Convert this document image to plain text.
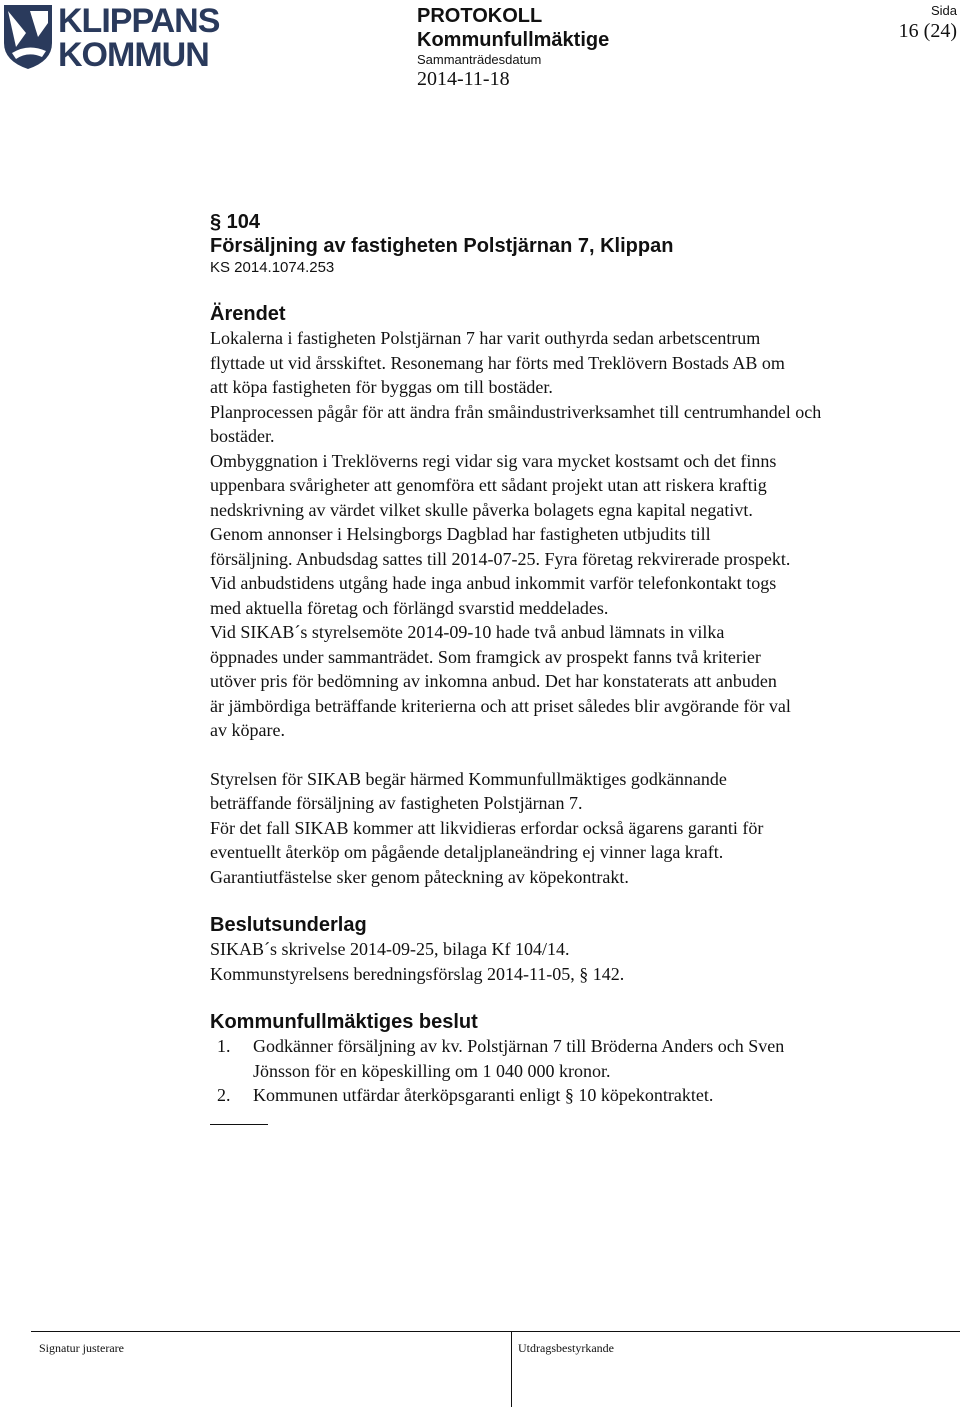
KLIPPANS
KOMMUN
PROTOKOLL
Kommunfullmäktige
Sammanträdesdatum
2014-11-18
Sida
16 (24)
§ 104
Försäljning av fastigheten Polstjärnan 7, Klippan
KS 2014.1074.253
Ärendet
Lokalerna i fastigheten Polstjärnan 7 har varit outhyrda sedan arbetscentrum
flyttade ut vid årsskiftet. Resonemang har förts med Treklövern Bostads AB om
att köpa fastigheten för byggas om till bostäder.
Planprocessen pågår för att ändra från småindustriverksamhet till centrumhandel och
bostäder.
Ombyggnation i Treklöverns regi vidar sig vara mycket kostsamt och det finns
uppenbara svårigheter att genomföra ett sådant projekt utan att riskera kraftig
nedskrivning av värdet vilket skulle påverka bolagets egna kapital negativt.
Genom annonser i Helsingborgs Dagblad har fastigheten utbjudits till
försäljning. Anbudsdag sattes till 2014-07-25. Fyra företag rekvirerade prospekt.
Vid anbudstidens utgång hade inga anbud inkommit varför telefonkontakt togs
med aktuella företag och förlängd svarstid meddelades.
Vid SIKAB´s styrelsemöte 2014-09-10 hade två anbud lämnats in vilka
öppnades under sammanträdet. Som framgick av prospekt fanns två kriterier
utöver pris för bedömning av inkomna anbud. Det har konstaterats att anbuden
är jämbördiga beträffande kriterierna och att priset således blir avgörande för val
av köpare.
Styrelsen för SIKAB begär härmed Kommunfullmäktiges godkännande
beträffande försäljning av fastigheten Polstjärnan 7.
För det fall SIKAB kommer att likvidieras erfordar också ägarens garanti för
eventuellt återköp om pågående detaljplaneändring ej vinner laga kraft.
Garantiutfästelse sker genom påteckning av köpekontrakt.
Beslutsunderlag
SIKAB´s skrivelse 2014-09-25, bilaga Kf 104/14.
Kommunstyrelsens beredningsförslag 2014-11-05, § 142.
Kommunfullmäktiges beslut
1. Godkänner försäljning av kv. Polstjärnan 7 till Bröderna Anders och Sven
Jönsson för en köpeskilling om 1 040 000 kronor.
2. Kommunen utfärdar återköpsgaranti enligt § 10 köpekontraktet.
Signatur justerare	Utdragsbestyrkande
